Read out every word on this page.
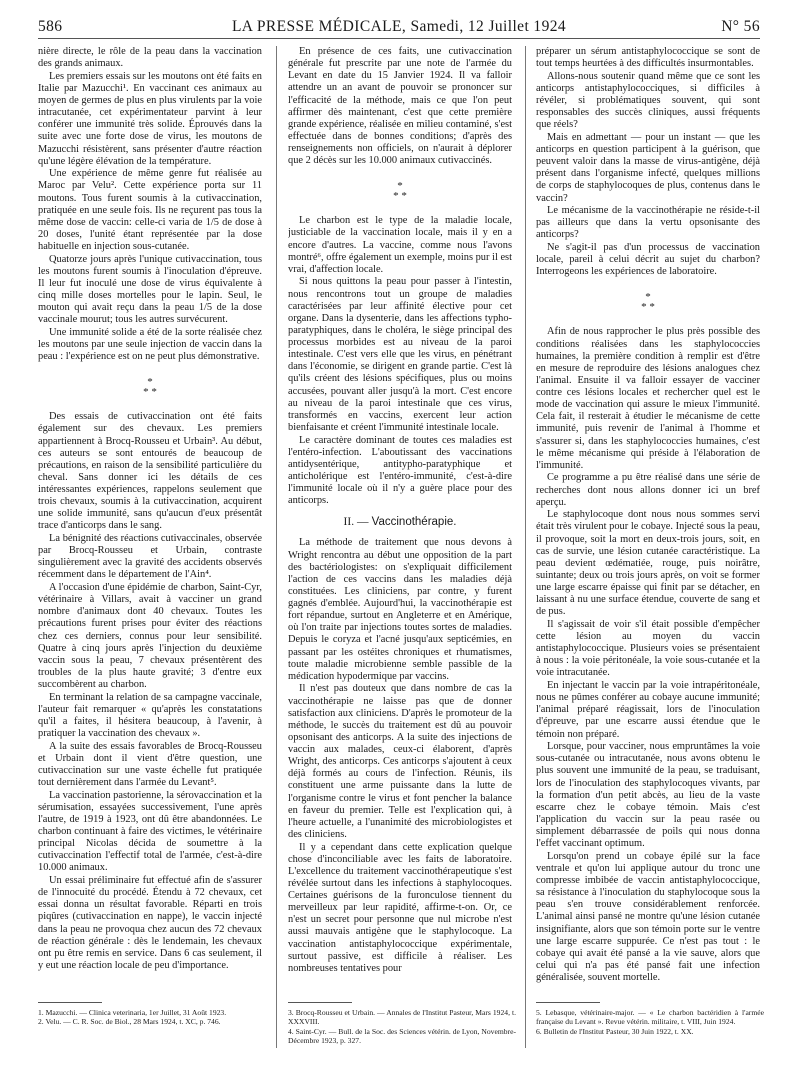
586	LA PRESSE MÉDICALE, Samedi, 12 Juillet 1924	N° 56

nière directe, le rôle de la peau dans la vaccination des grands animaux.

Les premiers essais sur les moutons ont été faits en Italie par Mazucchi¹. En vaccinant ces animaux au moyen de germes de plus en plus virulents par la voie intracutanée, cet expérimentateur parvint à leur conférer une immunité très solide. Éprouvés dans la suite avec une forte dose de virus, les moutons de Mazucchi résistèrent, sans présenter d'autre réaction qu'une légère élévation de la température.

Une expérience de même genre fut réalisée au Maroc par Velu². Cette expérience porta sur 11 moutons. Tous furent soumis à la cutivaccination, pratiquée en une seule fois. Ils ne reçurent pas tous la même dose de vaccin: celle-ci varia de 1/5 de dose à 20 doses, l'unité étant représentée par la dose habituelle en injection sous-cutanée.

Quatorze jours après l'unique cutivaccination, tous les moutons furent soumis à l'inoculation d'épreuve. Il leur fut inoculé une dose de virus équivalente à cinq mille doses mortelles pour le lapin. Seul, le mouton qui avait reçu dans la peau 1/5 de la dose vaccinale mourut; tous les autres survécurent.

Une immunité solide a été de la sorte réalisée chez les moutons par une seule injection de vaccin dans la peau : l'expérience est on ne peut plus démonstrative.

*
* *

Des essais de cutivaccination ont été faits également sur des chevaux. Les premiers appartiennent à Brocq-Rousseu et Urbain³. Au début, ces auteurs se sont entourés de beaucoup de précautions, en raison de la sensibilité particulière du cheval. Sans donner ici les détails de ces intéressantes expériences, rappelons seulement que trois chevaux, soumis à la cutivaccination, acquirent une solide immunité, sans qu'aucun d'eux présentât trace d'anticorps dans le sang.

La bénignité des réactions cutivaccinales, observée par Brocq-Rousseu et Urbain, contraste singulièrement avec la gravité des accidents observés récemment dans le département de l'Ain⁴.

A l'occasion d'une épidémie de charbon, Saint-Cyr, vétérinaire à Villars, avait à vacciner un grand nombre d'animaux dont 40 chevaux. Toutes les précautions furent prises pour éviter des réactions chez ces derniers, connus pour leur sensibilité. Quatre à cinq jours après l'injection du deuxième vaccin sous la peau, 7 chevaux présentèrent des troubles de la plus haute gravité; 3 d'entre eux succombèrent au charbon.

En terminant la relation de sa campagne vaccinale, l'auteur fait remarquer « qu'après les constatations qu'il a faites, il hésitera beaucoup, à l'avenir, à pratiquer la vaccination des chevaux ».

A la suite des essais favorables de Brocq-Rousseu et Urbain dont il vient d'être question, une cutivaccination sur une vaste échelle fut pratiquée tout dernièrement dans l'armée du Levant⁵.

La vaccination pastorienne, la sérovaccination et la sérumisation, essayées successivement, l'une après l'autre, de 1919 à 1923, ont dû être abandonnées. Le charbon continuant à faire des victimes, le vétérinaire principal Nicolas décida de soumettre à la cutivaccination l'effectif total de l'armée, c'est-à-dire 10.000 animaux.

Un essai préliminaire fut effectué afin de s'assurer de l'innocuité du procédé. Étendu à 72 chevaux, cet essai donna un résultat favorable. Réparti en trois piqûres (cutivaccination en nappe), le vaccin injecté dans la peau ne provoqua chez aucun des 72 chevaux de réaction générale : dès le lendemain, les chevaux ont pu être remis en service. Dans 6 cas seulement, il y eut une réaction locale de peu d'importance.

En présence de ces faits, une cutivaccination générale fut prescrite par une note de l'armée du Levant en date du 15 Janvier 1924. Il va falloir attendre un an avant de pouvoir se prononcer sur l'efficacité de la méthode, mais ce que l'on peut affirmer dès maintenant, c'est que cette première grande expérience, réalisée en milieu contaminé, s'est effectuée dans de bonnes conditions; d'après des renseignements non officiels, on n'aurait à déplorer que 2 décès sur les 10.000 animaux cutivaccinés.

*
* *

Le charbon est le type de la maladie locale, justiciable de la vaccination locale, mais il y en a encore d'autres. La vaccine, comme nous l'avons montré⁶, offre également un exemple, moins pur il est vrai, d'affection locale.

Si nous quittons la peau pour passer à l'intestin, nous rencontrons tout un groupe de maladies caractérisées par leur affinité élective pour cet organe. Dans la dysenterie, dans les affections typho-paratyphiques, dans le choléra, le siège principal des processus morbides est au niveau de la paroi intestinale. C'est vers elle que les virus, en pénétrant dans l'économie, se dirigent en grande partie. C'est là qu'ils créent des lésions spécifiques, plus ou moins accusées, pouvant aller jusqu'à la mort. C'est encore au niveau de la paroi intestinale que ces virus, transformés en vaccins, exercent leur action bienfaisante et créent l'immunité intestinale locale.

Le caractère dominant de toutes ces maladies est l'entéro-infection. L'aboutissant des vaccinations antidysentérique, antitypho-paratyphique et anticholérique est l'entéro-immunité, c'est-à-dire l'immunité locale où il n'y a guère place pour des anticorps.

II. — Vaccinothérapie.

La méthode de traitement que nous devons à Wright rencontra au début une opposition de la part des bactériologistes: on s'expliquait difficilement l'action de ces vaccins dans les maladies déjà constituées. Les cliniciens, par contre, y furent gagnés d'emblée. Aujourd'hui, la vaccinothérapie est fort répandue, surtout en Angleterre et en Amérique, où l'on traite par injections toutes sortes de maladies. Depuis le coryza et l'acné jusqu'aux septicémies, en passant par les ostéites chroniques et rhumatismes, toute maladie microbienne semble passible de la médication hypodermique par vaccins.

Il n'est pas douteux que dans nombre de cas la vaccinothérapie ne laisse pas que de donner satisfaction aux cliniciens. D'après le promoteur de la méthode, le succès du traitement est dû au pouvoir opsonisant des anticorps. A la suite des injections de vaccin aux malades, ceux-ci élaborent, d'après Wright, des anticorps. Ces anticorps s'ajoutent à ceux déjà formés au cours de l'infection. Réunis, ils constituent une arme puissante dans la lutte de l'organisme contre le virus et font pencher la balance en faveur du premier. Telle est l'explication qui, à l'heure actuelle, a l'unanimité des microbiologistes et des cliniciens.

Il y a cependant dans cette explication quelque chose d'inconciliable avec les faits de laboratoire. L'excellence du traitement vaccinothérapeutique s'est révélée surtout dans les infections à staphylocoques. Certaines guérisons de la furonculose tiennent du merveilleux par leur rapidité, affirme-t-on. Or, ce n'est un secret pour personne que nul microbe n'est aussi mauvais antigène que le staphylocoque. La vaccination antistaphylococcique expérimentale, surtout passive, est difficile à réaliser. Les nombreuses tentatives pour

préparer un sérum antistaphylococcique se sont de tout temps heurtées à des difficultés insurmontables.

Allons-nous soutenir quand même que ce sont les anticorps antistaphylococciques, si difficiles à révéler, si problématiques souvent, qui sont responsables des succès cliniques, aussi fréquents que réels?

Mais en admettant — pour un instant — que les anticorps en question participent à la guérison, que peuvent valoir dans la masse de virus-antigène, déjà présent dans l'organisme infecté, quelques millions de corps de staphylocoques de plus, contenus dans le vaccin?

Le mécanisme de la vaccinothérapie ne réside-t-il pas ailleurs que dans la vertu opsonisante des anticorps?

Ne s'agit-il pas d'un processus de vaccination locale, pareil à celui décrit au sujet du charbon? Interrogeons les expériences de laboratoire.

*
* *

Afin de nous rapprocher le plus près possible des conditions réalisées dans les staphylococcies humaines, la première condition à remplir est d'être en mesure de reproduire des lésions analogues chez l'animal. Ensuite il va falloir essayer de vacciner contre ces lésions locales et rechercher quel est le mode de vaccination qui assure le mieux l'immunité. Cela fait, il resterait à étudier le mécanisme de cette immunité, puis revenir de l'animal à l'homme et s'assurer si, dans les staphylococcies humaines, c'est le même mécanisme qui préside à l'élaboration de l'immunité.

Ce programme a pu être réalisé dans une série de recherches dont nous allons donner ici un bref aperçu.

Le staphylocoque dont nous nous sommes servi était très virulent pour le cobaye. Injecté sous la peau, il provoque, soit la mort en deux-trois jours, soit, en cas de survie, une lésion cutanée caractéristique. La peau devient œdématiée, rouge, puis noirâtre, suintante; deux ou trois jours après, on voit se former une large escarre épaisse qui finit par se détacher, en laissant à nu une surface étendue, couverte de sang et de pus.

Il s'agissait de voir s'il était possible d'empêcher cette lésion au moyen du vaccin antistaphylococcique. Plusieurs voies se présentaient à nous : la voie péritonéale, la voie sous-cutanée et la voie intracutanée.

En injectant le vaccin par la voie intrapéritonéale, nous ne pûmes conférer au cobaye aucune immunité; l'animal préparé réagissait, lors de l'inoculation d'épreuve, par une escarre aussi étendue que le témoin non préparé.

Lorsque, pour vacciner, nous empruntâmes la voie sous-cutanée ou intracutanée, nous avons obtenu le plus souvent une immunité de la peau, se traduisant, lors de l'inoculation des staphylocoques vivants, par la formation d'un petit abcès, au lieu de la vaste escarre chez le cobaye témoin. Mais c'est l'application du vaccin sur la peau rasée ou simplement débarrassée de poils qui nous donna l'effet vaccinant optimum.

Lorsqu'on prend un cobaye épilé sur la face ventrale et qu'on lui applique autour du tronc une compresse imbibée de vaccin antistaphylococcique, sa résistance à l'inoculation du staphylocoque sous la peau s'en trouve considérablement renforcée. L'animal ainsi pansé ne montre qu'une lésion cutanée insignifiante, alors que son témoin porte sur le ventre une large escarre suppurée. Ce n'est pas tout : le cobaye qui avait été pansé a la vie sauve, alors que celui qui n'a pas été pansé fait une infection généralisée, souvent mortelle.

1. Mazucchi. — Clinica veterinaria, 1er Juillet, 31 Août 1923.

2. Velu. — C. R. Soc. de Biol., 28 Mars 1924, t. XC, p. 746.

3. Brocq-Rousseu et Urbain. — Annales de l'Institut Pasteur, Mars 1924, t. XXXVIII.

4. Saint-Cyr. — Bull. de la Soc. des Sciences vétérin. de Lyon, Novembre-Décembre 1923, p. 327.

5. Lebasque, vétérinaire-major. — « Le charbon bactéridien à l'armée française du Levant ». Revue vétérin. militaire, t. VIII, Juin 1924.

6. Bulletin de l'Institut Pasteur, 30 Juin 1922, t. XX.
